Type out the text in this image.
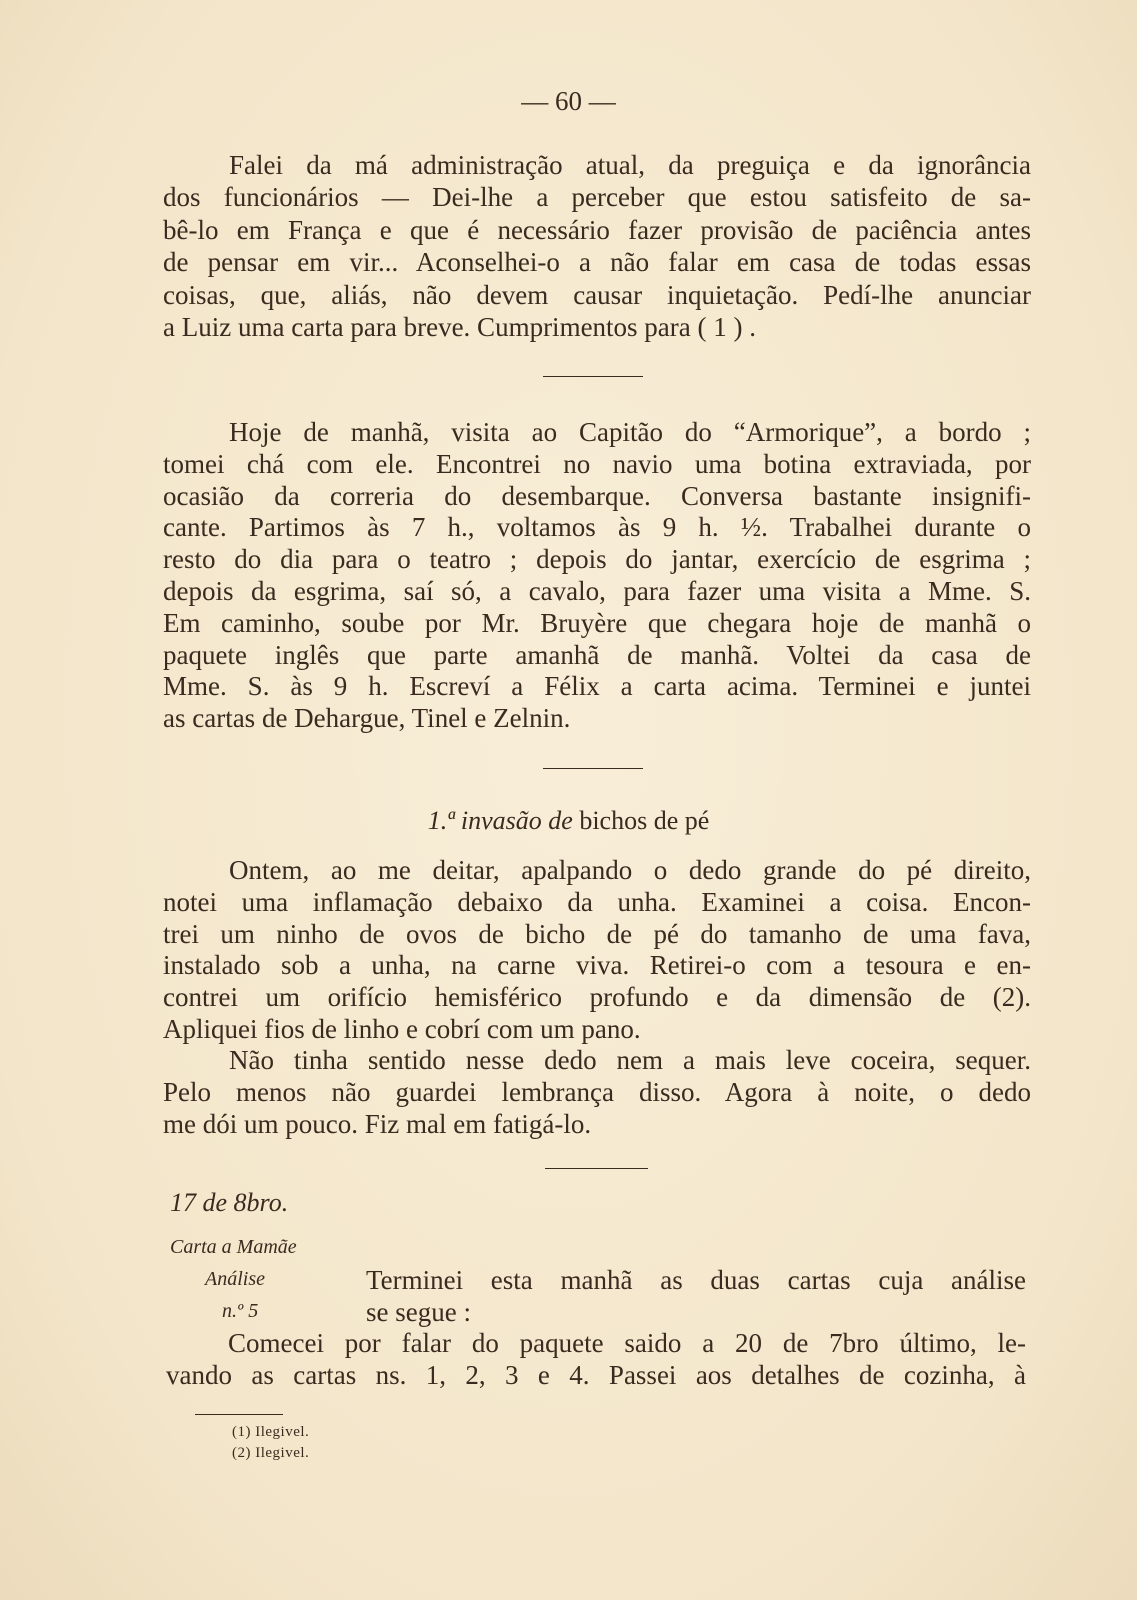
— 60 —
Falei da má administração atual, da preguiça e da ignorância
dos funcionários — Dei-lhe a perceber que estou satisfeito de sa-
bê-lo em França e que é necessário fazer provisão de paciência antes
de pensar em vir... Aconselhei-o a não falar em casa de todas essas
coisas, que, aliás, não devem causar inquietação. Pedí-lhe anunciar
a Luiz uma carta para breve. Cumprimentos para ( 1 ) .
Hoje de manhã, visita ao Capitão do “Armorique”, a bordo ;
tomei chá com ele. Encontrei no navio uma botina extraviada, por
ocasião da correria do desembarque. Conversa bastante insignifi-
cante. Partimos às 7 h., voltamos às 9 h. ½. Trabalhei durante o
resto do dia para o teatro ; depois do jantar, exercício de esgrima ;
depois da esgrima, saí só, a cavalo, para fazer uma visita a Mme. S.
Em caminho, soube por Mr. Bruyère que chegara hoje de manhã o
paquete inglês que parte amanhã de manhã. Voltei da casa de
Mme. S. às 9 h. Escreví a Félix a carta acima. Terminei e juntei
as cartas de Dehargue, Tinel e Zelnin.
Ontem, ao me deitar, apalpando o dedo grande do pé direito,
notei uma inflamação debaixo da unha. Examinei a coisa. Encon-
trei um ninho de ovos de bicho de pé do tamanho de uma fava,
instalado sob a unha, na carne viva. Retirei-o com a tesoura e en-
contrei um orifício hemisférico profundo e da dimensão de (2).
Apliquei fios de linho e cobrí com um pano.
Não tinha sentido nesse dedo nem a mais leve coceira, sequer.
Pelo menos não guardei lembrança disso. Agora à noite, o dedo
me dói um pouco. Fiz mal em fatigá-lo.
1.ª invasão de bichos de pé
17 de 8bro.
Carta a Mamãe
Análise
n.º 5
Terminei esta manhã as duas cartas cuja análise
se segue :
Comecei por falar do paquete saido a 20 de 7bro último, le-
vando as cartas ns. 1, 2, 3 e 4. Passei aos detalhes de cozinha, à
(1) Ilegivel.
(2) Ilegivel.
